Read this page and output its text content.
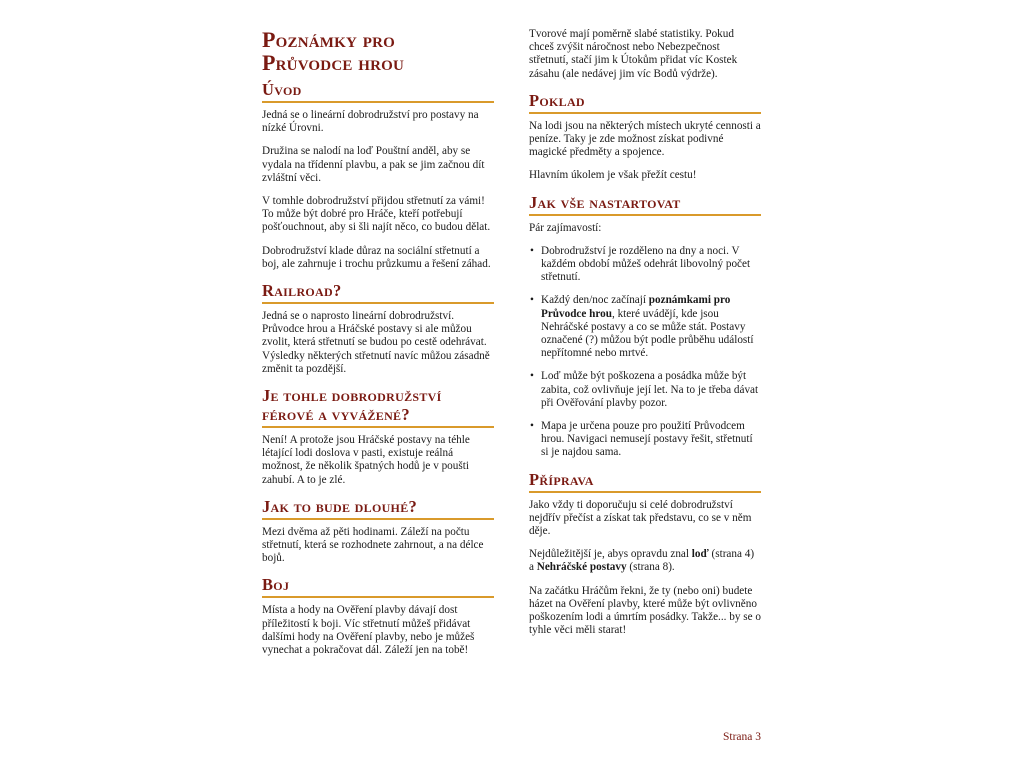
Poznámky pro
Průvodce hrou
Úvod

Jedná se o lineární dobrodružství pro postavy na nízké Úrovni.

Družina se nalodí na loď Pouštní anděl, aby se vydala na třídenní plavbu, a pak se jim začnou dít zvláštní věci.

V tomhle dobrodružství přijdou střetnutí za vámi! To může být dobré pro Hráče, kteří potřebují pošťouchnout, aby si šli najít něco, co budou dělat.

Dobrodružství klade důraz na sociální střetnutí a boj, ale zahrnuje i trochu průzkumu a řešení záhad.

Railroad?

Jedná se o naprosto lineární dobrodružství. Průvodce hrou a Hráčské postavy si ale můžou zvolit, která střetnutí se budou po cestě odehrávat. Výsledky některých střetnutí navíc můžou zásadně změnit ta pozdější.

Je tohle dobrodružství férové a vyvážené?

Není! A protože jsou Hráčské postavy na téhle létající lodi doslova v pasti, existuje reálná možnost, že několik špatných hodů je v poušti zahubí. A to je zlé.

Jak to bude dlouhé?

Mezi dvěma až pěti hodinami. Záleží na počtu střetnutí, která se rozhodnete zahrnout, a na délce bojů.

Boj

Místa a hody na Ověření plavby dávají dost příležitostí k boji. Víc střetnutí můžeš přidávat dalšími hody na Ověření plavby, nebo je můžeš vynechat a pokračovat dál. Záleží jen na tobě!

Tvorové mají poměrně slabé statistiky. Pokud chceš zvýšit náročnost nebo Nebezpečnost střetnutí, stačí jim k Útokům přidat víc Kostek zásahu (ale nedávej jim víc Bodů výdrže).

Poklad

Na lodi jsou na některých místech ukryté cennosti a peníze. Taky je zde možnost získat podivné magické předměty a spojence.

Hlavním úkolem je však přežít cestu!

Jak vše nastartovat

Pár zajímavostí:

• Dobrodružství je rozděleno na dny a noci. V každém období můžeš odehrát libovolný počet střetnutí.
• Každý den/noc začínají poznámkami pro Průvodce hrou, které uvádějí, kde jsou Nehráčské postavy a co se může stát. Postavy označené (?) můžou být podle průběhu událostí nepřítomné nebo mrtvé.
• Loď může být poškozena a posádka může být zabita, což ovlivňuje její let. Na to je třeba dávat při Ověřování plavby pozor.
• Mapa je určena pouze pro použití Průvodcem hrou. Navigaci nemusejí postavy řešit, střetnutí si je najdou sama.
Příprava

Jako vždy ti doporučuju si celé dobrodružství nejdřív přečíst a získat tak představu, co se v něm děje.

Nejdůležitější je, abys opravdu znal loď (strana 4) a Nehráčské postavy (strana 8).

Na začátku Hráčům řekni, že ty (nebo oni) budete házet na Ověření plavby, které může být ovlivněno poškozením lodi a úmrtím posádky. Takže... by se o tyhle věci měli starat!

Strana 3
